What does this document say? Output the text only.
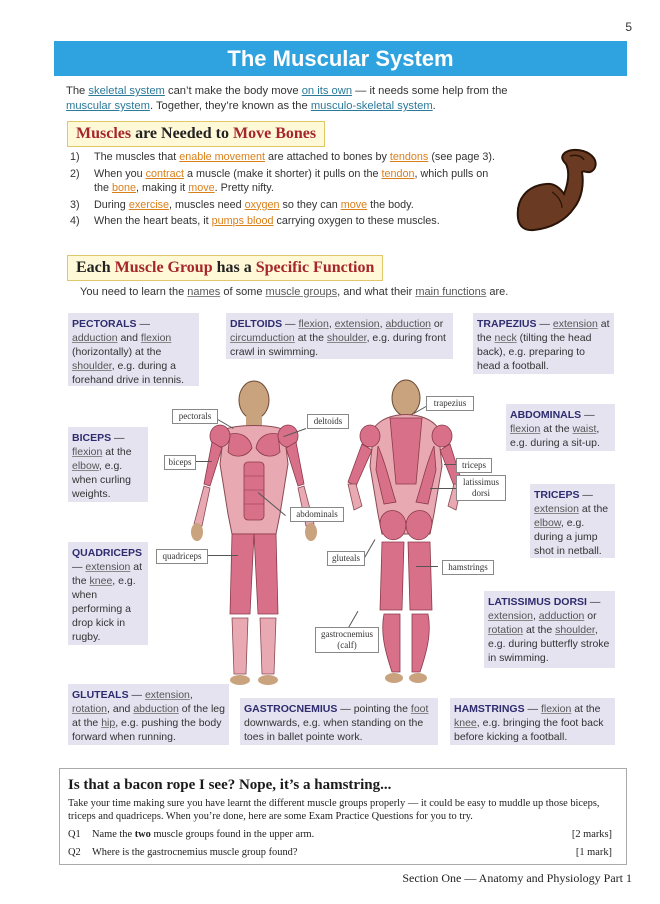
5
The Muscular System
The skeletal system can’t make the body move on its own — it needs some help from the muscular system. Together, they’re known as the musculo-skeletal system.
Muscles are Needed to Move Bones
1) The muscles that enable movement are attached to bones by tendons (see page 3).
2) When you contract a muscle (make it shorter) it pulls on the tendon, which pulls on the bone, making it move. Pretty nifty.
3) During exercise, muscles need oxygen so they can move the body.
4) When the heart beats, it pumps blood carrying oxygen to these muscles.
Each Muscle Group has a Specific Function
You need to learn the names of some muscle groups, and what their main functions are.
PECTORALS — adduction and flexion (horizontally) at the shoulder, e.g. during a forehand drive in tennis.
DELTOIDS — flexion, extension, abduction or circumduction at the shoulder, e.g. during front crawl in swimming.
TRAPEZIUS — extension at the neck (tilting the head back), e.g. preparing to head a football.
BICEPS — flexion at the elbow, e.g. when curling weights.
ABDOMINALS — flexion at the waist, e.g. during a sit-up.
TRICEPS — extension at the elbow, e.g. during a jump shot in netball.
QUADRICEPS — extension at the knee, e.g. when performing a drop kick in rugby.
LATISSIMUS DORSI — extension, adduction or rotation at the shoulder, e.g. during butterfly stroke in swimming.
GLUTEALS — extension, rotation, and abduction of the leg at the hip, e.g. pushing the body forward when running.
GASTROCNEMIUS — pointing the foot downwards, e.g. when standing on the toes in ballet pointe work.
HAMSTRINGS — flexion at the knee, e.g. bringing the foot back before kicking a football.
pectorals	deltoids
trapezius
biceps	triceps
latissimus dorsi
abdominals
quadriceps	gluteals
hamstrings
gastrocnemius (calf)
Is that a bacon rope I see? Nope, it’s a hamstring...
Take your time making sure you have learnt the different muscle groups properly — it could be easy to muddle up those biceps, triceps and quadriceps. When you’re done, here are some Exam Practice Questions for you to try.
Q1 Name the two muscle groups found in the upper arm.	[2 marks]
Q2 Where is the gastrocnemius muscle group found?	[1 mark]
Section One — Anatomy and Physiology Part 1
